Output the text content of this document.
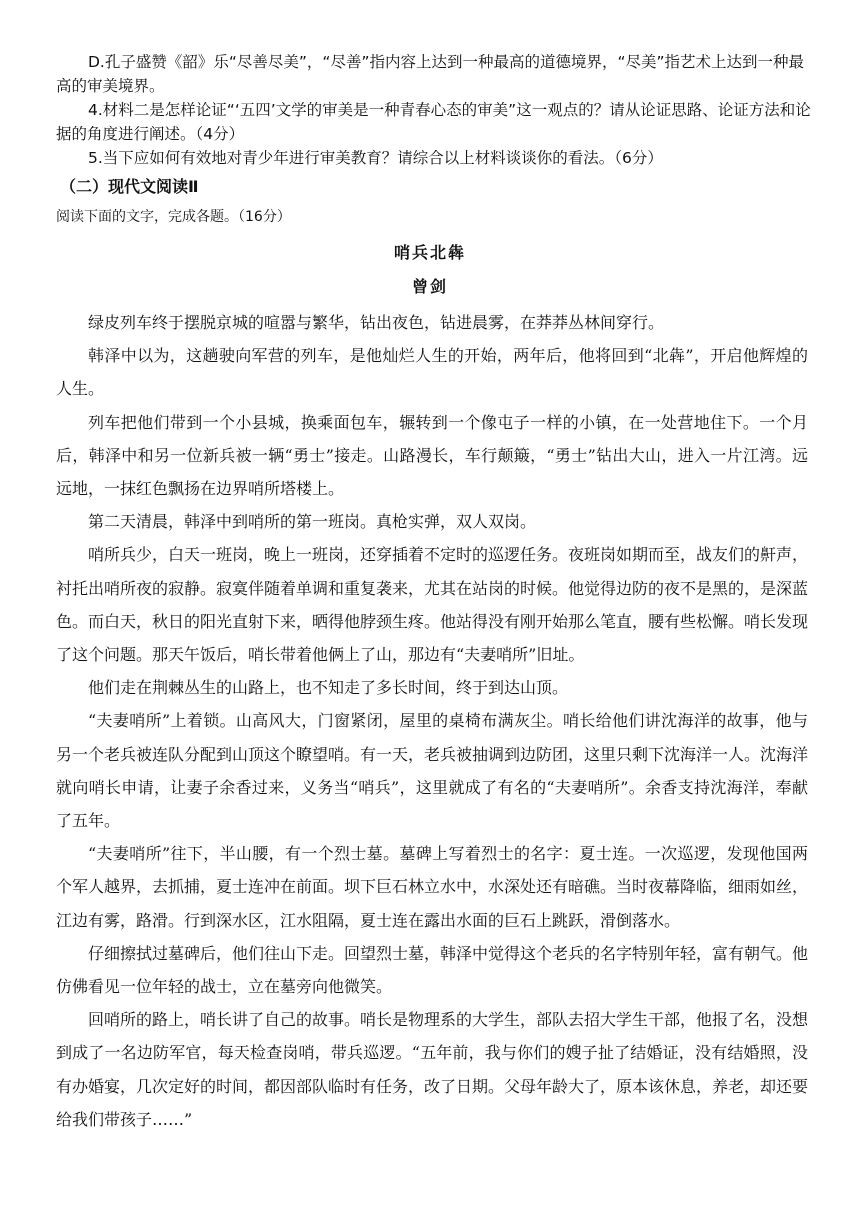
D.孔子盛赞《韶》乐“尽善尽美”，“尽善”指内容上达到一种最高的道德境界，“尽美”指艺术上达到一种最高的审美境界。
4.材料二是怎样论证“‘五四’文学的审美是一种青春心态的审美”这一观点的？请从论证思路、论证方法和论据的角度进行阐述。（4分）
5.当下应如何有效地对青少年进行审美教育？请综合以上材料谈谈你的看法。（6分）
（二）现代文阅读Ⅱ
阅读下面的文字，完成各题。（16分）
哨兵北犇
曾剑

绿皮列车终于摆脱京城的喧嚣与繁华，钻出夜色，钻进晨雾，在莽莽丛林间穿行。

韩泽中以为，这趟驶向军营的列车，是他灿烂人生的开始，两年后，他将回到“北犇”，开启他辉煌的人生。

列车把他们带到一个小县城，换乘面包车，辗转到一个像屯子一样的小镇，在一处营地住下。一个月后，韩泽中和另一位新兵被一辆“勇士”接走。山路漫长，车行颠簸，“勇士”钻出大山，进入一片江湾。远远地，一抹红色飘扬在边界哨所塔楼上。

第二天清晨，韩泽中到哨所的第一班岗。真枪实弹，双人双岗。

哨所兵少，白天一班岗，晚上一班岗，还穿插着不定时的巡逻任务。夜班岗如期而至，战友们的鼾声，衬托出哨所夜的寂静。寂寞伴随着单调和重复袭来，尤其在站岗的时候。他觉得边防的夜不是黑的，是深蓝色。而白天，秋日的阳光直射下来，晒得他脖颈生疼。他站得没有刚开始那么笔直，腰有些松懈。哨长发现了这个问题。那天午饭后，哨长带着他俩上了山，那边有“夫妻哨所”旧址。

他们走在荆棘丛生的山路上，也不知走了多长时间，终于到达山顶。

“夫妻哨所”上着锁。山高风大，门窗紧闭，屋里的桌椅布满灰尘。哨长给他们讲沈海洋的故事，他与另一个老兵被连队分配到山顶这个瞭望哨。有一天，老兵被抽调到边防团，这里只剩下沈海洋一人。沈海洋就向哨长申请，让妻子余香过来，义务当“哨兵”，这里就成了有名的“夫妻哨所”。余香支持沈海洋，奉献了五年。

“夫妻哨所”往下，半山腰，有一个烈士墓。墓碑上写着烈士的名字：夏士连。一次巡逻，发现他国两个军人越界，去抓捕，夏士连冲在前面。坝下巨石林立水中，水深处还有暗礁。当时夜幕降临，细雨如丝，江边有雾，路滑。行到深水区，江水阻隔，夏士连在露出水面的巨石上跳跃，滑倒落水。

仔细擦拭过墓碑后，他们往山下走。回望烈士墓，韩泽中觉得这个老兵的名字特别年轻，富有朝气。他仿佛看见一位年轻的战士，立在墓旁向他微笑。

回哨所的路上，哨长讲了自己的故事。哨长是物理系的大学生，部队去招大学生干部，他报了名，没想到成了一名边防军官，每天检查岗哨，带兵巡逻。“五年前，我与你们的嫂子扯了结婚证，没有结婚照，没有办婚宴，几次定好的时间，都因部队临时有任务，改了日期。父母年龄大了，原本该休息，养老，却还要给我们带孩子……”
